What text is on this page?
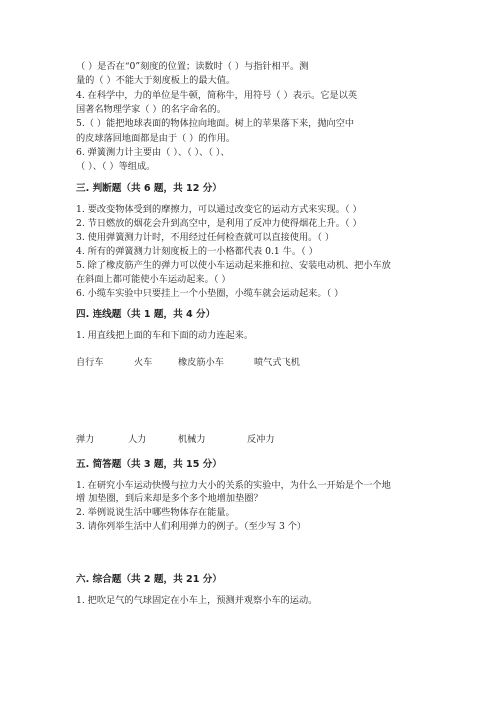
（ ）是否在“0”刻度的位置；读数时（ ）与指针相平。测
量的（ ）不能大于刻度板上的最大值。
4. 在科学中，力的单位是牛顿，简称牛，用符号（ ）表示。它是以英
国著名物理学家（ ）的名字命名的。
5.（ ）能把地球表面的物体拉向地面。树上的苹果落下来，抛向空中
的皮球落回地面都是由于（ ）的作用。
6. 弹簧测力计主要由（ ）、（ ）、（ ）、
（ ）、（ ）等组成。
三. 判断题（共 6 题，共 12 分）
1. 要改变物体受到的摩擦力，可以通过改变它的运动方式来实现。（ ）
2. 节日燃放的烟花会升到高空中，是利用了反冲力使得烟花上升。（ ）
3. 使用弹簧测力计时，不用经过任何检查就可以直接使用。（ ）
4. 所有的弹簧测力计刻度板上的一小格都代表 0.1 牛。（ ）
5. 除了橡皮筋产生的弹力可以使小车运动起来推和拉、安装电动机、把小车放
在斜面上都可能使小车运动起来。（ ）
6. 小缆车实验中只要挂上一个小垫圈，小缆车就会运动起来。（ ）
四. 连线题（共 1 题，共 4 分）
1. 用直线把上面的车和下面的动力连起来。
自行车	火车	橡皮筋小车	喷气式飞机
弹力	人力	机械力	反冲力
五. 简答题（共 3 题，共 15 分）
1. 在研究小车运动快慢与拉力大小的关系的实验中，为什么一开始是个一个地
增 加垫圈，到后来却是多个多个地增加垫圈？
2. 举例说说生活中哪些物体存在能量。
3. 请你列举生活中人们利用弹力的例子。（至少写 3 个）
六. 综合题（共 2 题，共 21 分）
1. 把吹足气的气球固定在小车上，预测并观察小车的运动。
